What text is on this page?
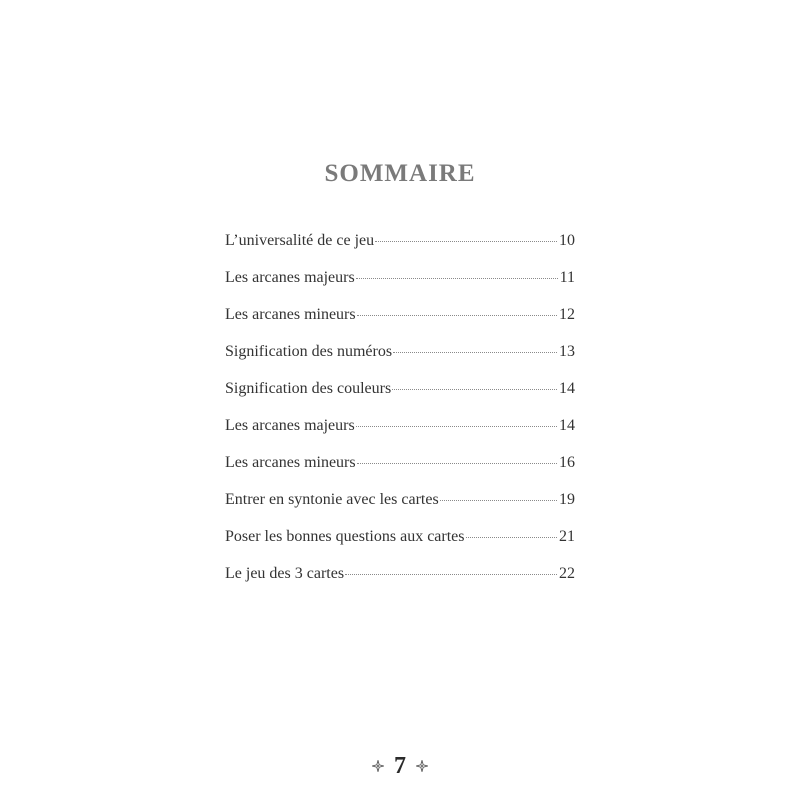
SOMMAIRE
L’universalité de ce jeu	10
Les arcanes majeurs	11
Les arcanes mineurs	12
Signification des numéros	13
Signification des couleurs	14
Les arcanes majeurs	14
Les arcanes mineurs	16
Entrer en syntonie avec les cartes	19
Poser les bonnes questions aux cartes	21
Le jeu des 3 cartes	22
7
